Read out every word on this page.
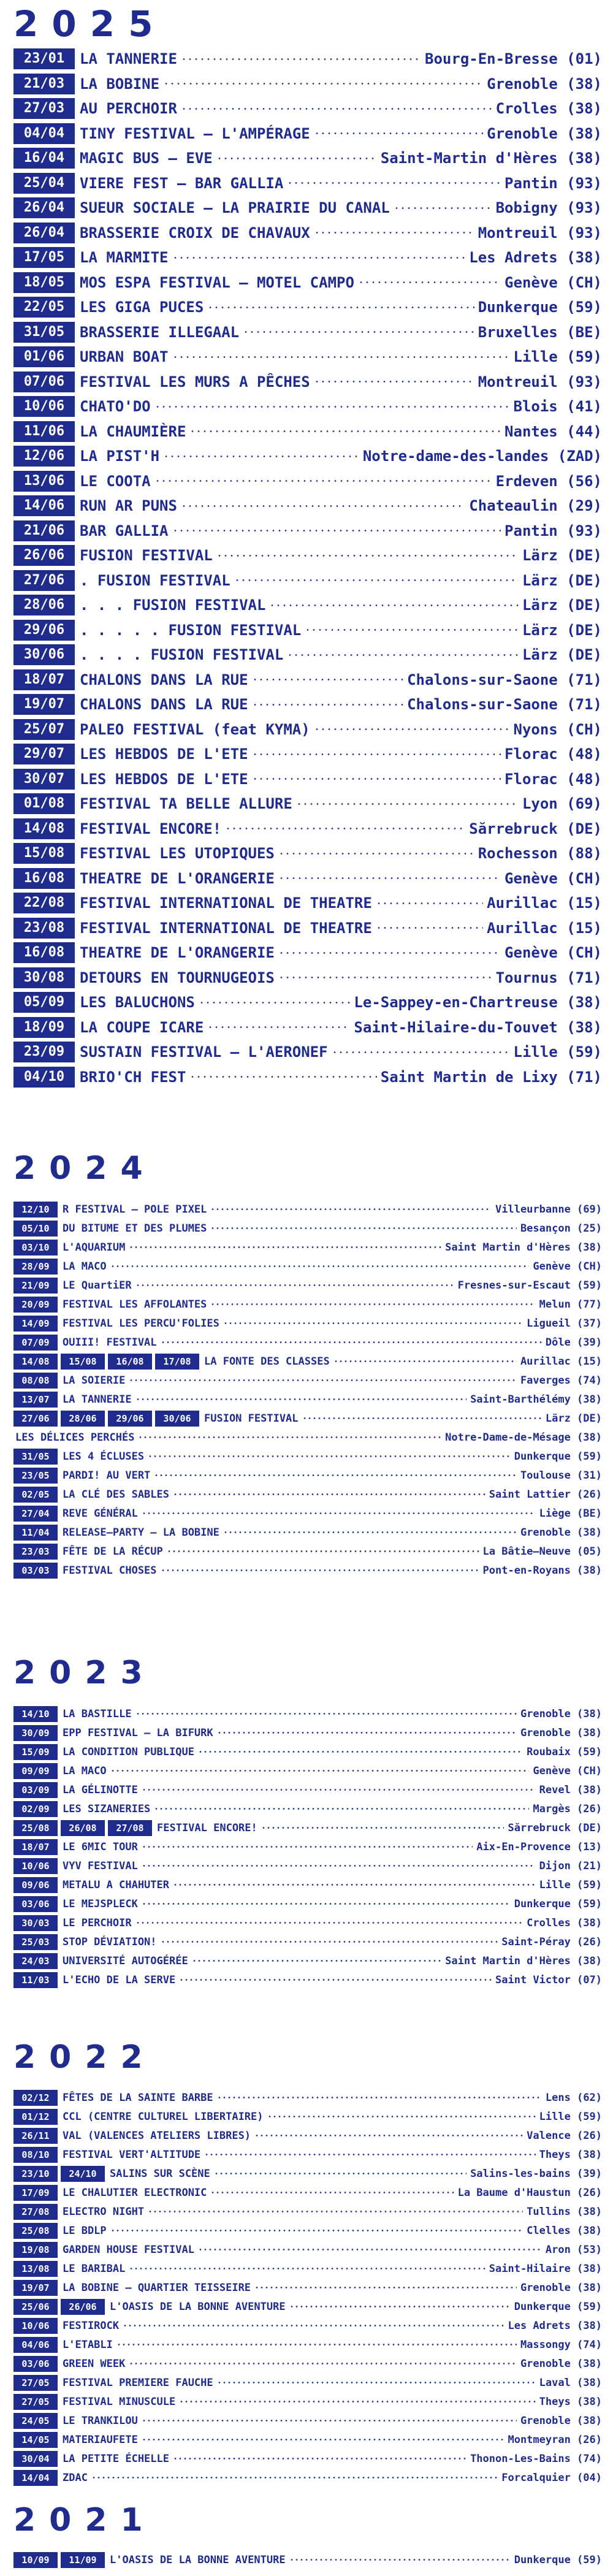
2025
23/01	LA TANNERIE	Bourg-En-Bresse (01)
21/03	LA BOBINE	Grenoble (38)
27/03	AU PERCHOIR	Crolles (38)
04/04	TINY FESTIVAL – L'AMPÉRAGE	Grenoble (38)
16/04	MAGIC BUS – EVE	Saint-Martin d'Hères (38)
25/04	VIERE FEST – BAR GALLIA	Pantin (93)
26/04	SUEUR SOCIALE – LA PRAIRIE DU CANAL	Bobigny (93)
26/04	BRASSERIE CROIX DE CHAVAUX	Montreuil (93)
17/05	LA MARMITE	Les Adrets (38)
18/05	MOS ESPA FESTIVAL – MOTEL CAMPO	Genève (CH)
22/05	LES GIGA PUCES	Dunkerque (59)
31/05	BRASSERIE ILLEGAAL	Bruxelles (BE)
01/06	URBAN BOAT	Lille (59)
07/06	FESTIVAL LES MURS A PÊCHES	Montreuil (93)
10/06	CHATO'DO	Blois (41)
11/06	LA CHAUMIÈRE	Nantes (44)
12/06	LA PIST'H	Notre-dame-des-landes (ZAD)
13/06	LE COOTA	Erdeven (56)
14/06	RUN AR PUNS	Chateaulin (29)
21/06	BAR GALLIA	Pantin (93)
26/06	FUSION FESTIVAL	Lärz (DE)
27/06	. FUSION FESTIVAL	Lärz (DE)
28/06	. . . FUSION FESTIVAL	Lärz (DE)
29/06	. . . . . FUSION FESTIVAL	Lärz (DE)
30/06	. . . . FUSION FESTIVAL	Lärz (DE)
18/07	CHALONS DANS LA RUE	Chalons-sur-Saone (71)
19/07	CHALONS DANS LA RUE	Chalons-sur-Saone (71)
25/07	PALEO FESTIVAL (feat KYMA)	Nyons (CH)
29/07	LES HEBDOS DE L'ETE	Florac (48)
30/07	LES HEBDOS DE L'ETE	Florac (48)
01/08	FESTIVAL TA BELLE ALLURE	Lyon (69)
14/08	FESTIVAL ENCORE!	Sărrebruck (DE)
15/08	FESTIVAL LES UTOPIQUES	Rochesson (88)
16/08	THEATRE DE L'ORANGERIE	Genève (CH)
22/08	FESTIVAL INTERNATIONAL DE THEATRE	Aurillac (15)
23/08	FESTIVAL INTERNATIONAL DE THEATRE	Aurillac (15)
16/08	THEATRE DE L'ORANGERIE	Genève (CH)
30/08	DETOURS EN TOURNUGEOIS	Tournus (71)
05/09	LES BALUCHONS	Le-Sappey-en-Chartreuse (38)
18/09	LA COUPE ICARE	Saint-Hilaire-du-Touvet (38)
23/09	SUSTAIN FESTIVAL – L'AERONEF	Lille (59)
04/10	BRIO'CH FEST	Saint Martin de Lixy (71)
2024
12/10	R FESTIVAL – POLE PIXEL	Villeurbanne (69)
05/10	DU BITUME ET DES PLUMES	Besançon (25)
03/10	L'AQUARIUM	Saint Martin d'Hères (38)
28/09	LA MACO	Genève (CH)
21/09	LE QuartiER	Fresnes-sur-Escaut (59)
20/09	FESTIVAL LES AFFOLANTES	Melun (77)
14/09	FESTIVAL LES PERCU'FOLIES	Ligueil (37)
07/09	OUIII! FESTIVAL	Dôle (39)
14/08	15/08	16/08	17/08	LA FONTE DES CLASSES	Aurillac (15)
08/08	LA SOIERIE	Faverges (74)
13/07	LA TANNERIE	Saint-Barthélémy (38)
27/06	28/06	29/06	30/06	FUSION FESTIVAL	Lärz (DE)
LES DÉLICES PERCHÉS	Notre-Dame-de-Mésage (38)
31/05	LES 4 ÉCLUSES	Dunkerque (59)
23/05	PARDI! AU VERT	Toulouse (31)
02/05	LA CLÉ DES SABLES	Saint Lattier (26)
27/04	REVE GÉNÉRAL	Liège (BE)
11/04	RELEASE–PARTY – LA BOBINE	Grenoble (38)
23/03	FÊTE DE LA RÉCUP	La Bâtie–Neuve (05)
03/03	FESTIVAL CHOSES	Pont-en-Royans (38)
2023
14/10	LA BASTILLE	Grenoble (38)
30/09	EPP FESTIVAL – LA BIFURK	Grenoble (38)
15/09	LA CONDITION PUBLIQUE	Roubaix (59)
09/09	LA MACO	Genève (CH)
03/09	LA GÉLINOTTE	Revel (38)
02/09	LES SIZANERIES	Margès (26)
25/08	26/08	27/08	FESTIVAL ENCORE!	Sărrebruck (DE)
18/07	LE 6MIC TOUR	Aix-En-Provence (13)
10/06	VYV FESTIVAL	Dijon (21)
09/06	METALU A CHAHUTER	Lille (59)
03/06	LE MEJSPLECK	Dunkerque (59)
30/03	LE PERCHOIR	Crolles (38)
25/03	STOP DÉVIATION!	Saint-Péray (26)
24/03	UNIVERSITÉ AUTOGÉRÉE	Saint Martin d'Hères (38)
11/03	L'ECHO DE LA SERVE	Saint Victor (07)
2022
02/12	FÊTES DE LA SAINTE BARBE	Lens (62)
01/12	CCL (CENTRE CULTUREL LIBERTAIRE)	Lille (59)
26/11	VAL (VALENCES ATELIERS LIBRES)	Valence (26)
08/10	FESTIVAL VERT'ALTITUDE	Theys (38)
23/10	24/10	SALINS SUR SCÈNE	Salins-les-bains (39)
17/09	LE CHALUTIER ELECTRONIC	La Baume d'Haustun (26)
27/08	ELECTRO NIGHT	Tullins (38)
25/08	LE BDLP	Clelles (38)
19/08	GARDEN HOUSE FESTIVAL	Aron (53)
13/08	LE BARIBAL	Saint-Hilaire (38)
19/07	LA BOBINE – QUARTIER TEISSEIRE	Grenoble (38)
25/06	26/06	L'OASIS DE LA BONNE AVENTURE	Dunkerque (59)
10/06	FESTIROCK	Les Adrets (38)
04/06	L'ETABLI	Massongy (74)
03/06	GREEN WEEK	Grenoble (38)
27/05	FESTIVAL PREMIERE FAUCHE	Laval (38)
27/05	FESTIVAL MINUSCULE	Theys (38)
24/05	LE TRANKILOU	Grenoble (38)
14/05	MATERIAUFETE	Montmeyran (26)
30/04	LA PETITE ÉCHELLE	Thonon-Les-Bains (74)
14/04	ZDAC	Forcalquier (04)
2021
10/09	11/09	L'OASIS DE LA BONNE AVENTURE	Dunkerque (59)
